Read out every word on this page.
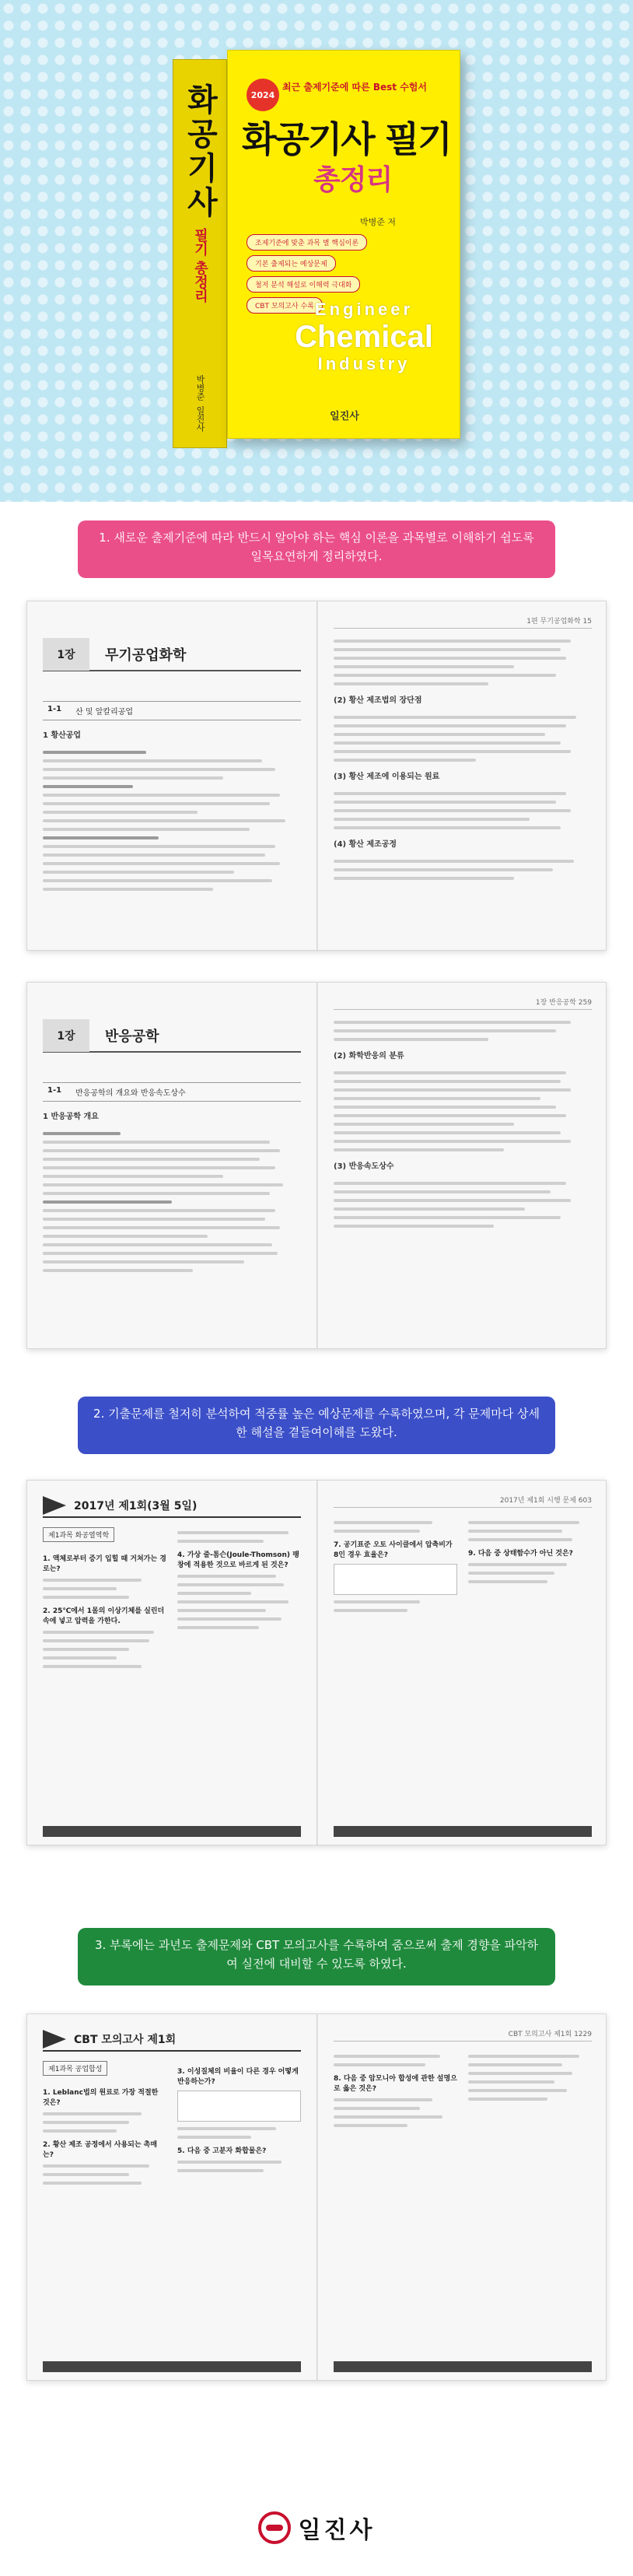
화공기사
필기 총정리
박병준
일진사
2024
최근 출제기준에 따른 Best 수험서
화공기사 필기
총정리
박병준 저
조제기준에 맞춘 과목 별 핵심이론
기본 출제되는 예상문제
철저 분석 해설로 이해력 극대화
CBT 모의고사 수록 Engineer
Chemical
Industry
일진사
1. 새로운 출제기준에 따라 반드시 알아야 하는 핵심 이론을 과목별로 이해하기 쉽도록 일목요연하게 정리하였다.
1장	무기공업화학
1-1 산 및 알칼리공업
1 황산공업
1편 무기공업화학 15
(2) 황산 제조법의 장단점
(3) 황산 제조에 이용되는 원료
(4) 황산 제조공정
1장	반응공학
1-1 반응공학의 개요와 반응속도상수
1 반응공학 개요
1장 반응공학 259
(2) 화학반응의 분류
(3) 반응속도상수
2. 기출문제를 철저히 분석하여 적중률 높은 예상문제를 수록하였으며, 각 문제마다 상세한 해설을 곁들여이해를 도왔다.
2017년 제1회(3월 5일)
제1과목 화공열역학
1. 액체로부터 증기 입힐 때 거쳐가는 경로는?
2. 25℃에서 1몰의 이상기체를 실린더 속에 넣고 압력을 가한다.
4. 가상 줄-톰슨(Joule-Thomson) 팽창에 적용한 것으로 바르게 된 것은?
2017년 제1회 시행 문제 603
7. 공기표준 오토 사이클에서 압축비가 8인 경우 효율은?	9. 다음 중 상태함수가 아닌 것은?
3. 부록에는 과년도 출제문제와 CBT 모의고사를 수록하여 줌으로써 출제 경향을 파악하여 실전에 대비할 수 있도록 하였다.
CBT 모의고사 제1회
제1과목 공업합성
1. Leblanc법의 원료로 가장 적절한 것은?
2. 황산 제조 공정에서 사용되는 촉매는?
3. 이성질체의 비율이 다른 경우 어떻게 반응하는가?
5. 다음 중 고분자 화합물은?
CBT 모의고사 제1회 1229
8. 다음 중 암모니아 합성에 관한 설명으로 옳은 것은?
일진사
